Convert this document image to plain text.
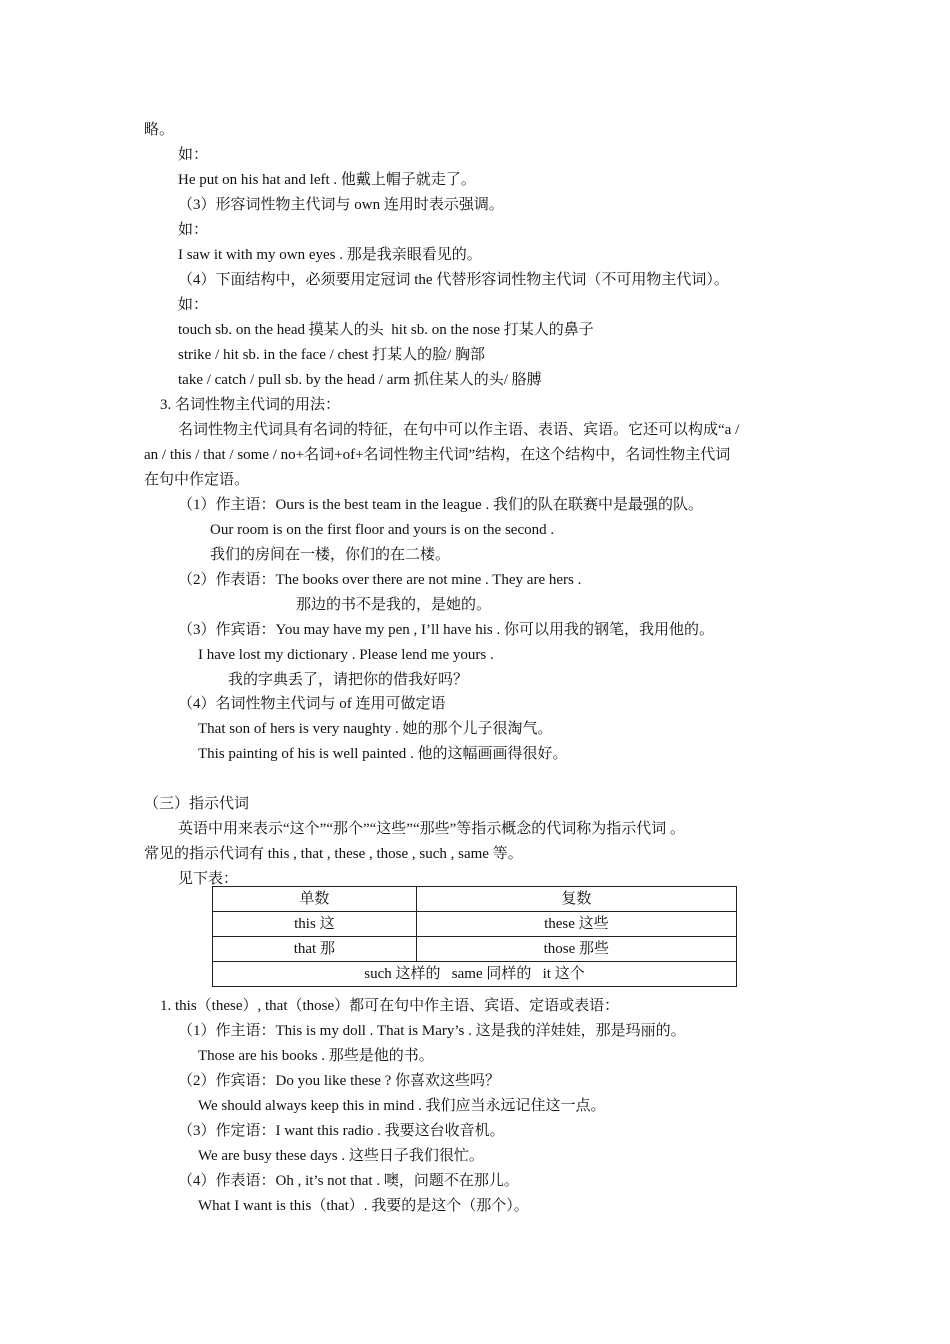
略。
如：
He put on his hat and left . 他戴上帽子就走了。
（3）形容词性物主代词与 own 连用时表示强调。
如：
I saw it with my own eyes . 那是我亲眼看见的。
（4）下面结构中，必须要用定冠词 the 代替形容词性物主代词（不可用物主代词）。
如：
touch sb. on the head 摸某人的头  hit sb. on the nose 打某人的鼻子
strike / hit sb. in the face / chest 打某人的脸/ 胸部
take / catch / pull sb. by the head / arm 抓住某人的头/ 胳膊
3. 名词性物主代词的用法：
名词性物主代词具有名词的特征，在句中可以作主语、表语、宾语。它还可以构成“a /
an / this / that / some / no+名词+of+名词性物主代词”结构，在这个结构中，名词性物主代词
在句中作定语。
（1）作主语：Ours is the best team in the league . 我们的队在联赛中是最强的队。
Our room is on the first floor and yours is on the second .
我们的房间在一楼，你们的在二楼。
（2）作表语：The books over there are not mine . They are hers .
那边的书不是我的，是她的。
（3）作宾语：You may have my pen , I’ll have his . 你可以用我的钢笔，我用他的。
I have lost my dictionary . Please lend me yours .
我的字典丢了，请把你的借我好吗？
（4）名词性物主代词与 of 连用可做定语
That son of hers is very naughty . 她的那个儿子很淘气。
This painting of his is well painted . 他的这幅画画得很好。
（三）指示代词
英语中用来表示“这个”“那个”“这些”“那些”等指示概念的代词称为指示代词 。
常见的指示代词有 this , that , these , those , such , same 等。
见下表：
1. this（these）, that（those）都可在句中作主语、宾语、定语或表语：
（1）作主语：This is my doll . That is Mary’s . 这是我的洋娃娃，那是玛丽的。
Those are his books . 那些是他的书。
（2）作宾语：Do you like these ? 你喜欢这些吗？
We should always keep this in mind . 我们应当永远记住这一点。
（3）作定语：I want this radio . 我要这台收音机。
We are busy these days . 这些日子我们很忙。
（4）作表语：Oh , it’s not that . 噢，问题不在那儿。
What I want is this（that）. 我要的是这个（那个）。
单数	复数
this 这	these 这些
that 那	those 那些
such 这样的   same 同样的   it 这个	
